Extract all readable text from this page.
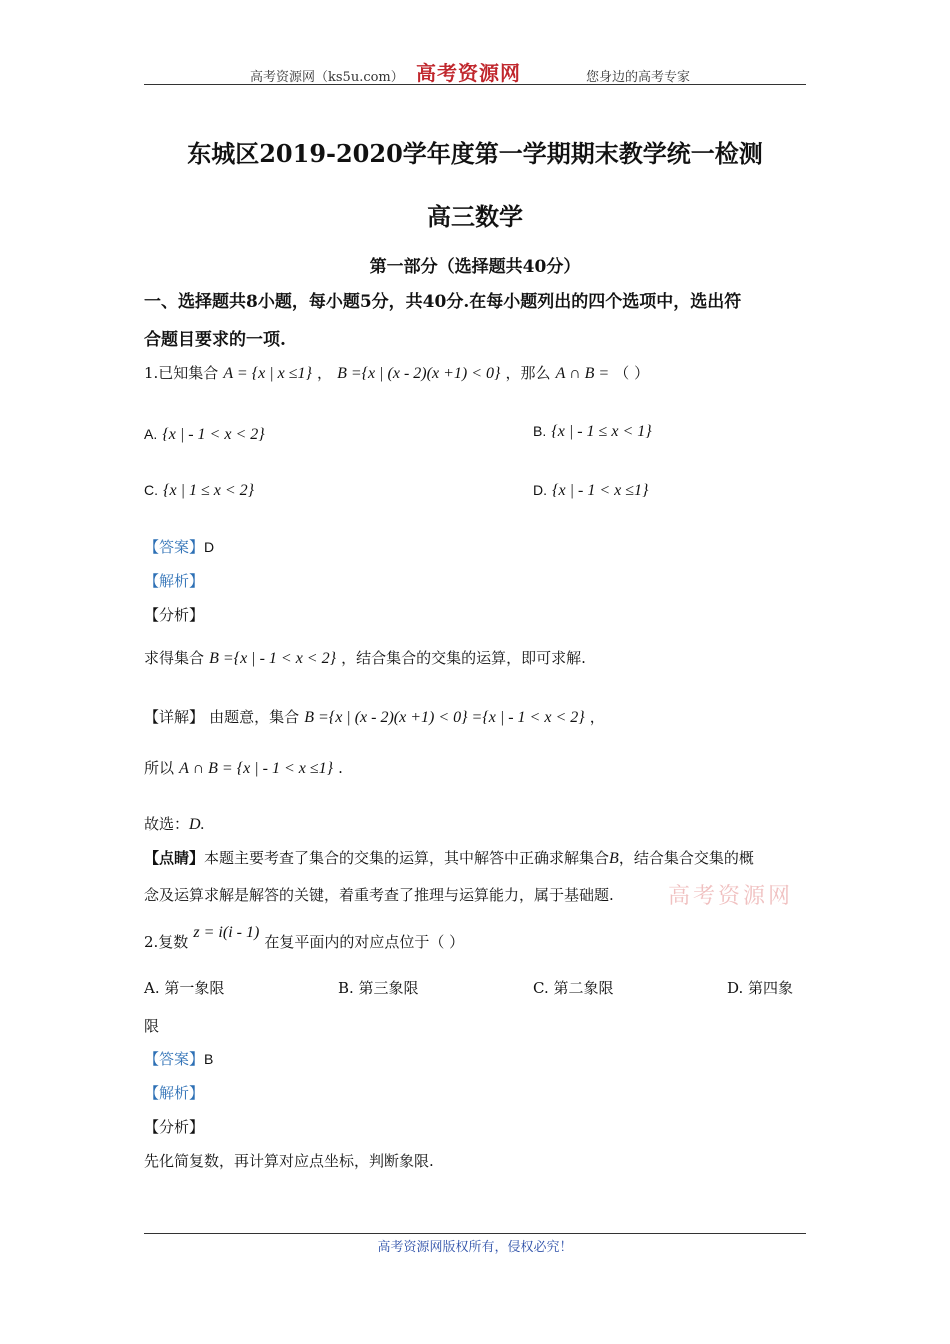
高考资源网（ks5u.com） 高考资源网	您身边的高考专家
东城区2019-2020学年度第一学期期末教学统一检测
高三数学
第一部分（选择题共40分）
一、选择题共8小题，每小题5分，共40分.在每小题列出的四个选项中，选出符
合题目要求的一项.
1.已知集合 A = {x | x ≤1} ， B ={x | (x - 2)(x +1) < 0} ，那么 A ∩ B = （ ）
A. {x | - 1 < x < 2}	B. {x | - 1 ≤ x < 1}
C. {x | 1 ≤ x < 2}	D. {x | - 1 < x ≤1}
【答案】D
【解析】
【分析】
求得集合 B ={x | - 1 < x < 2} ，结合集合的交集的运算，即可求解.
【详解】 由题意，集合 B ={x | (x - 2)(x +1) < 0} ={x | - 1 < x < 2} ，
所以 A ∩ B = {x | - 1 < x ≤1} .
故选：D.
【点睛】本题主要考查了集合的交集的运算，其中解答中正确求解集合B，结合集合交集的概
念及运算求解是解答的关键，着重考查了推理与运算能力，属于基础题. 高考资源网
2.复数 z = i(i - 1) 在复平面内的对应点位于（ ）
A. 第一象限	B. 第三象限	C. 第二象限	D. 第四象
限
【答案】B
【解析】
【分析】
先化简复数，再计算对应点坐标，判断象限.
高考资源网版权所有，侵权必究！
